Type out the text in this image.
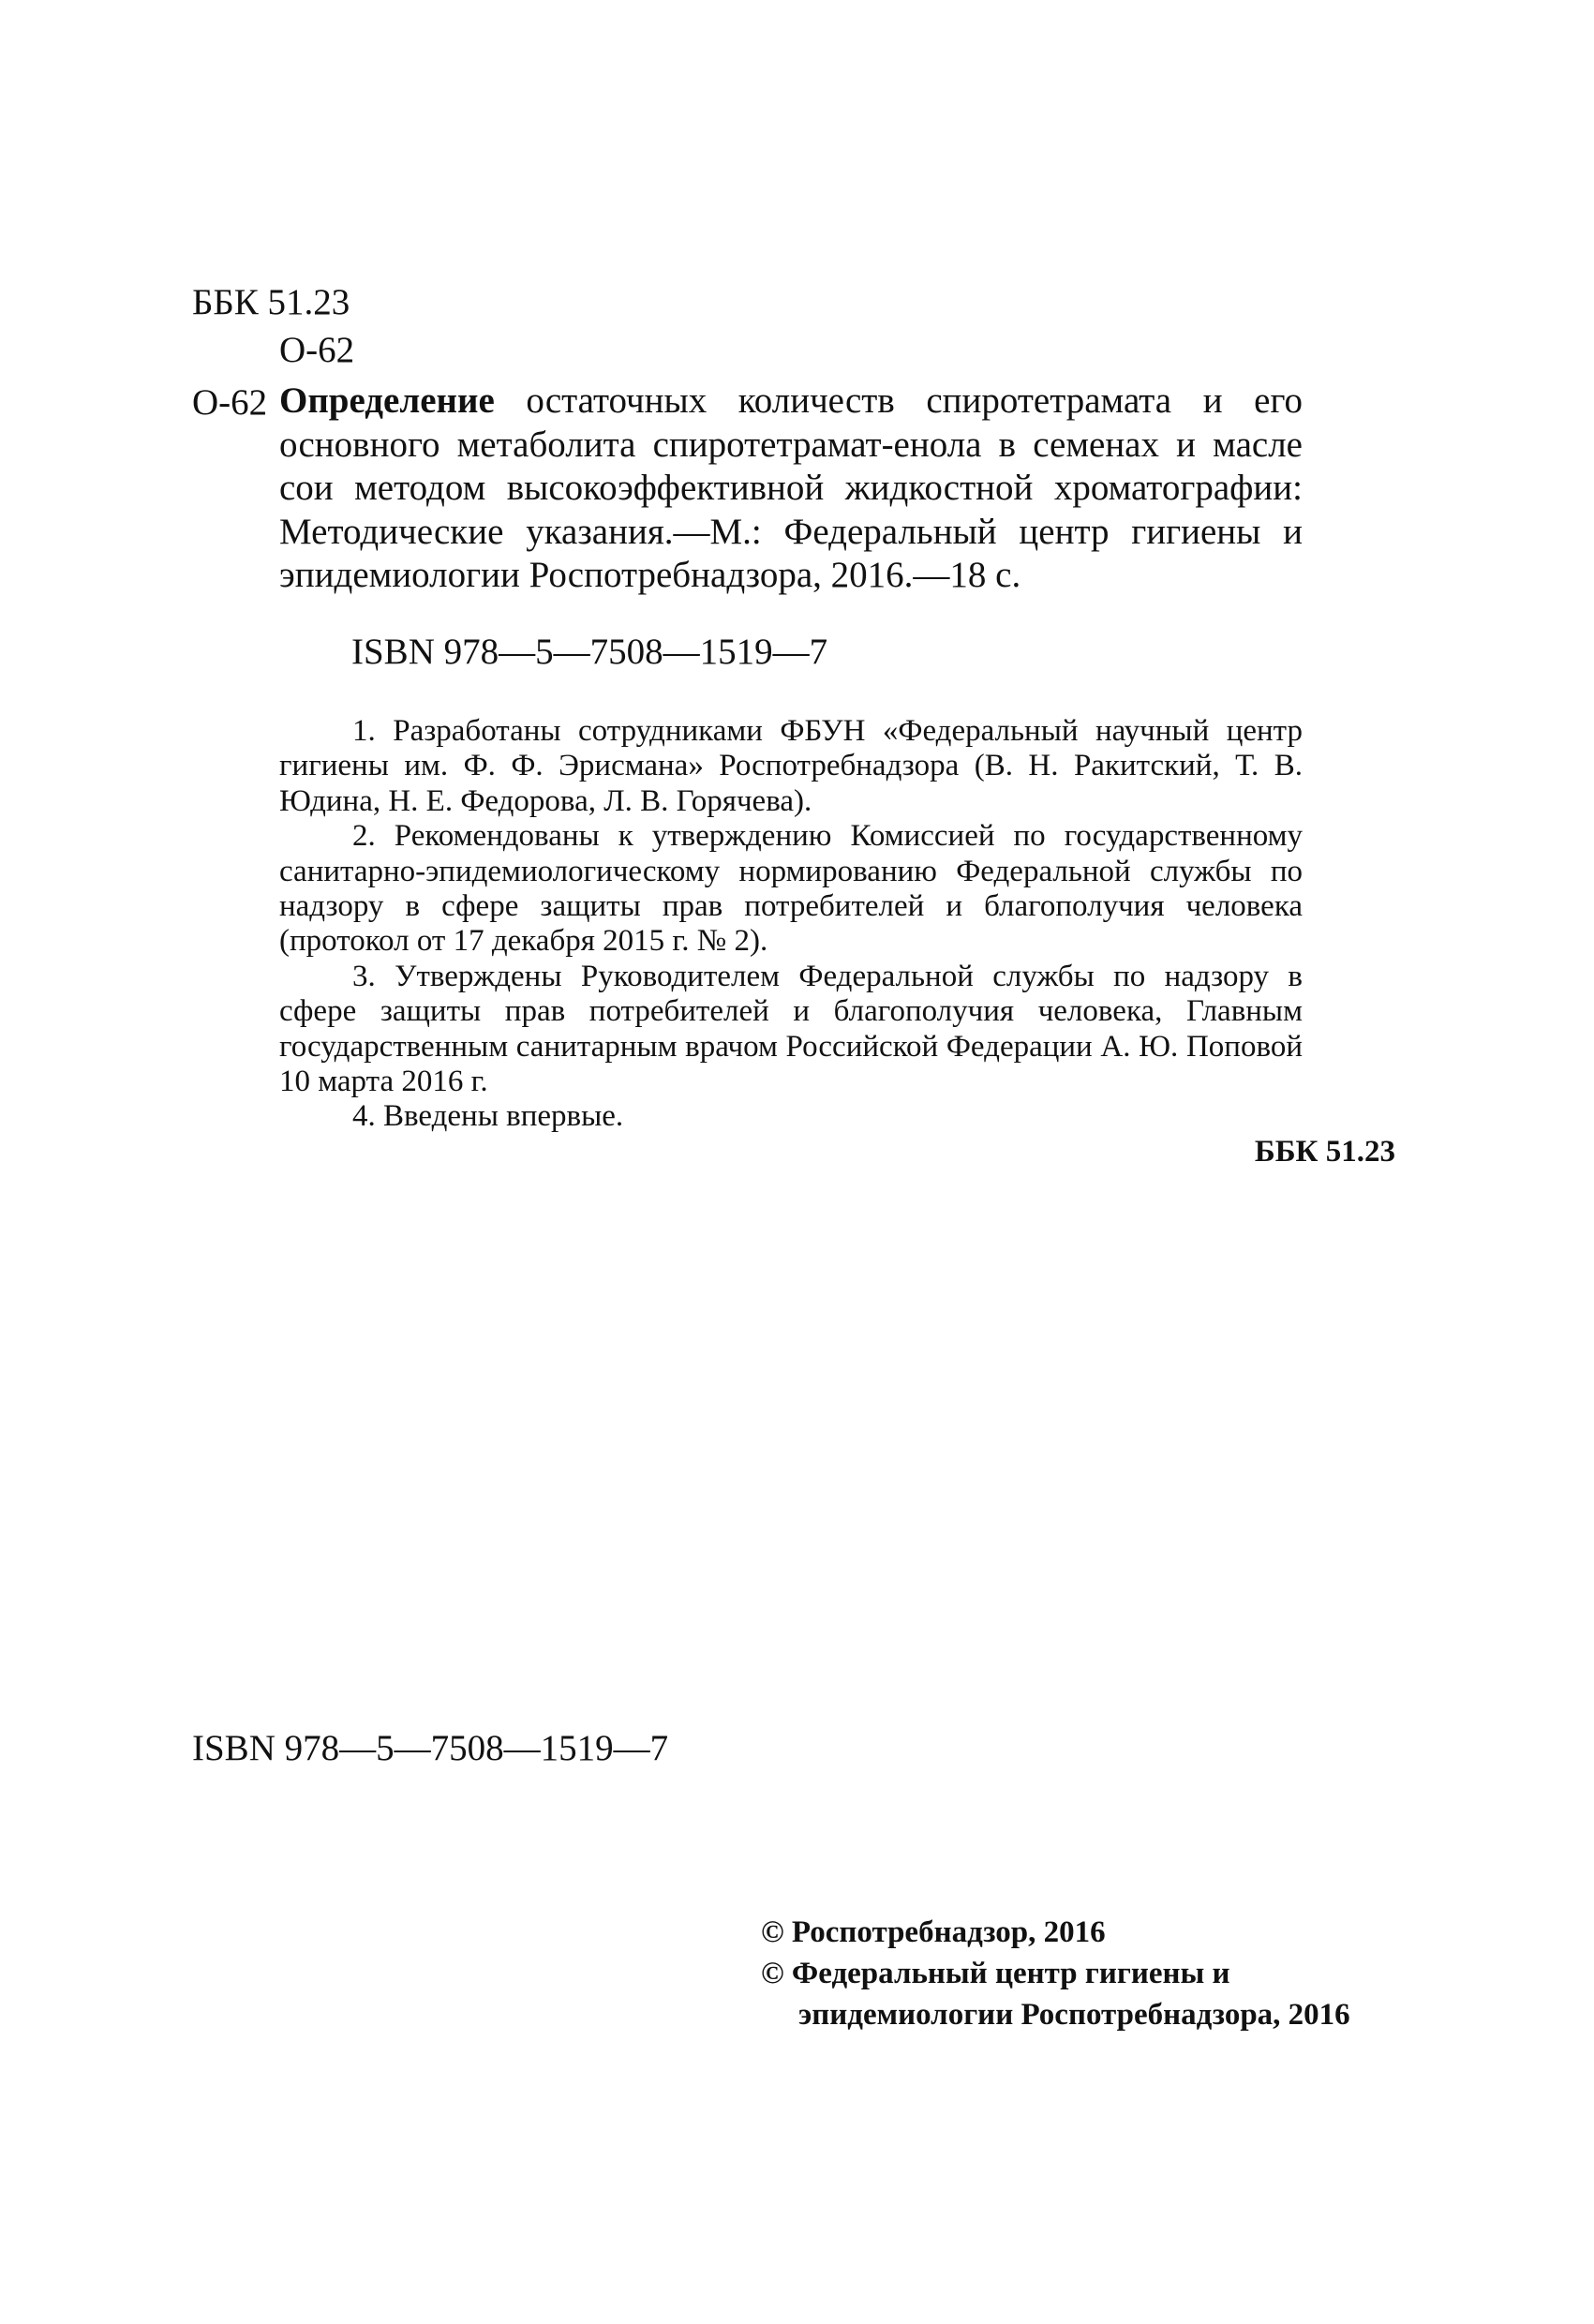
ББК 51.23
О-62
О-62 Определение остаточных количеств спиротетрамата и его основного метаболита спиротетрамат-енола в семенах и масле сои методом высокоэффективной жидкостной хроматографии: Методические указания.—М.: Федеральный центр гигиены и эпидемиологии Роспотребнадзора, 2016.—18 с.
ISBN 978—5—7508—1519—7

1. Разработаны сотрудниками ФБУН «Федеральный научный центр гигиены им. Ф. Ф. Эрисмана» Роспотребнадзора (В. Н. Ракитский, Т. В. Юдина, Н. Е. Федорова, Л. В. Горячева).

2. Рекомендованы к утверждению Комиссией по государственному санитарно-эпидемиологическому нормированию Федеральной службы по надзору в сфере защиты прав потребителей и благополучия человека (протокол от 17 декабря 2015 г. № 2).

3. Утверждены Руководителем Федеральной службы по надзору в сфере защиты прав потребителей и благополучия человека, Главным государственным санитарным врачом Российской Федерации А. Ю. Поповой 10 марта 2016 г.

4. Введены впервые.

ББК 51.23
ISBN 978—5—7508—1519—7
© Роспотребнадзор, 2016
© Федеральный центр гигиены и
эпидемиологии Роспотребнадзора, 2016
